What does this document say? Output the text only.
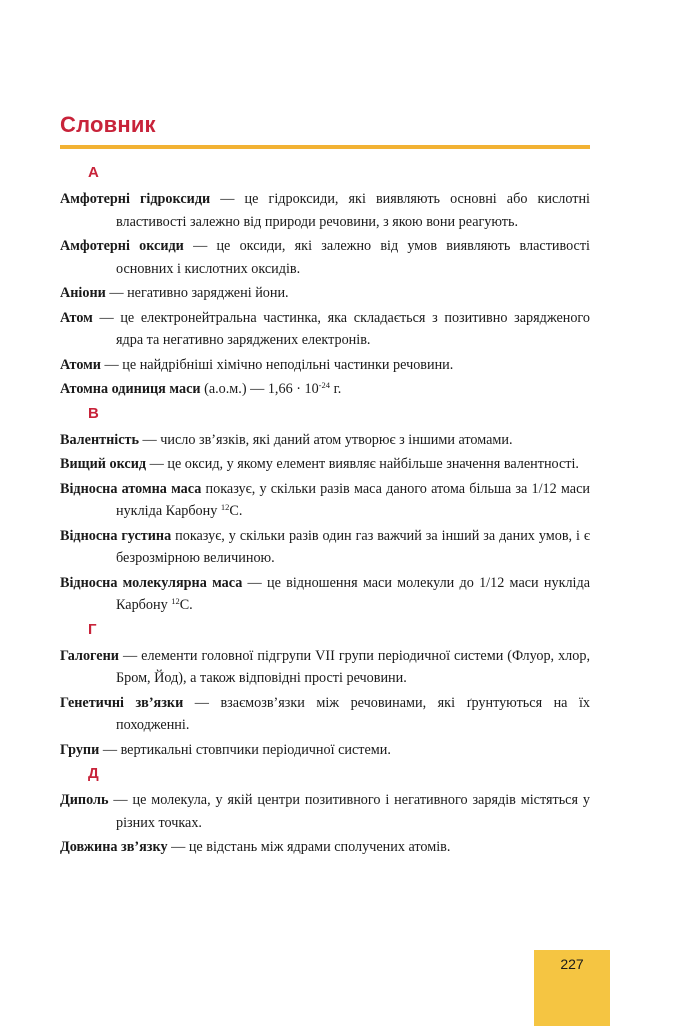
Словник
А

Амфотерні гідроксиди — це гідроксиди, які виявляють основні або кислотні властивості залежно від природи речовини, з якою вони реагують.

Амфотерні оксиди — це оксиди, які залежно від умов виявляють властивості основних і кислотних оксидів.

Аніони — негативно заряджені йони.

Атом — це електронейтральна частинка, яка складається з позитивно зарядженого ядра та негативно заряджених електронів.

Атоми — це найдрібніші хімічно неподільні частинки речовини.

Атомна одиниця маси (а.о.м.) — $1,66 \cdot 10^{-24}$ г.

В

Валентність — число зв’язків, які даний атом утворює з іншими атомами.

Вищий оксид — це оксид, у якому елемент виявляє найбільше значення валентності.

Відносна атомна маса показує, у скільки разів маса даного атома більша за 1/12 маси нукліда Карбону $^{12}$С.

Відносна густина показує, у скільки разів один газ важчий за інший за даних умов, і є безрозмірною величиною.

Відносна молекулярна маса — це відношення маси молекули до 1/12 маси нукліда Карбону $^{12}$С.

Г

Галогени — елементи головної підгрупи VII групи періодичної системи (Флуор, хлор, Бром, Йод), а також відповідні прості речовини.

Генетичні зв’язки — взаємозв’язки між речовинами, які ґрунтуються на їх походженні.

Групи — вертикальні стовпчики періодичної системи.

Д

Диполь — це молекула, у якій центри позитивного і негативного зарядів містяться у різних точках.

Довжина зв’язку — це відстань між ядрами сполучених атомів.

227
